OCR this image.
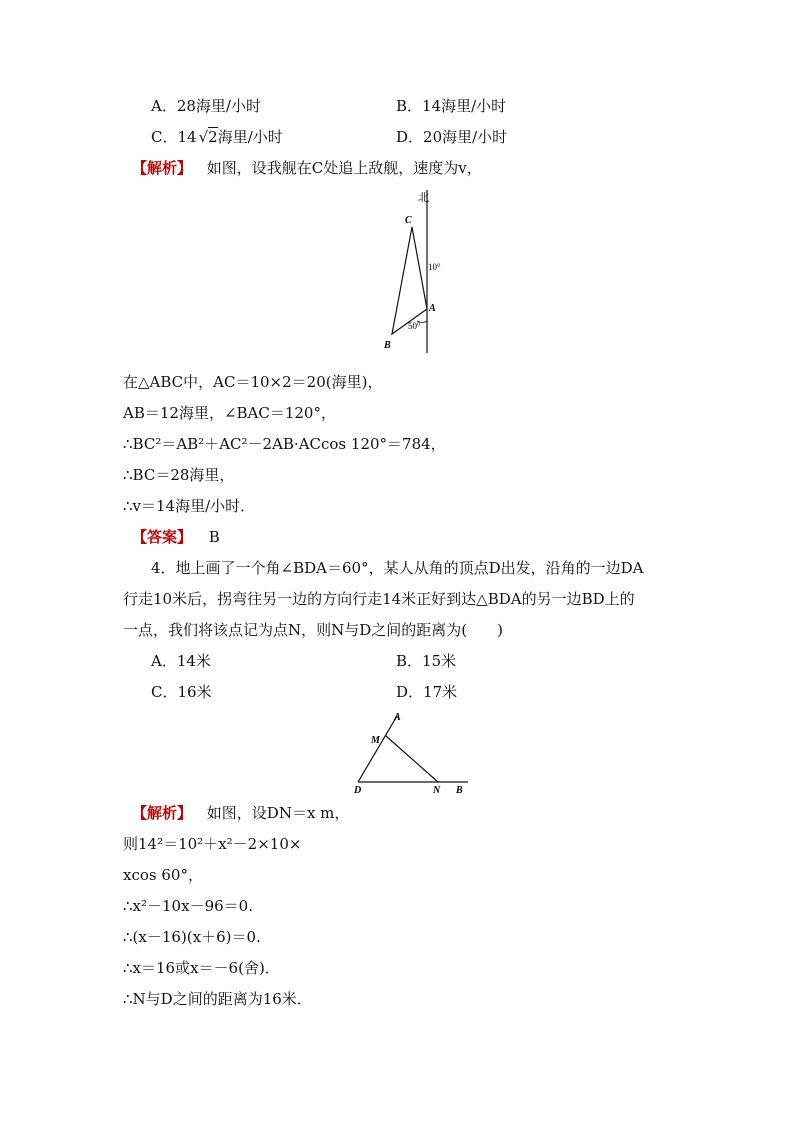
A．28海里/小时	B．14海里/小时
C．14 √2海里/小时	D．20海里/小时
【解析】 如图，设我舰在C处追上敌舰，速度为v，
北
C
A
B
10°
50°
在△ABC中，AC＝10×2＝20(海里)，
AB＝12海里，∠BAC＝120°，
∴BC²＝AB²＋AC²－2AB·ACcos 120°＝784，
∴BC＝28海里，
∴v＝14海里/小时．
【答案】 B
4．地上画了一个角∠BDA＝60°，某人从角的顶点D出发，沿角的一边DA
行走10米后，拐弯往另一边的方向行走14米正好到达△BDA的另一边BD上的
一点，我们将该点记为点N，则N与D之间的距离为(　　)
A．14米	B．15米
C．16米	D．17米
A
M
D	N B
【解析】 如图，设DN＝x m，
则14²＝10²＋x²－2×10×
xcos 60°，
∴x²－10x－96＝0.
∴(x－16)(x＋6)＝0.
∴x＝16或x＝－6(舍)．
∴N与D之间的距离为16米．
